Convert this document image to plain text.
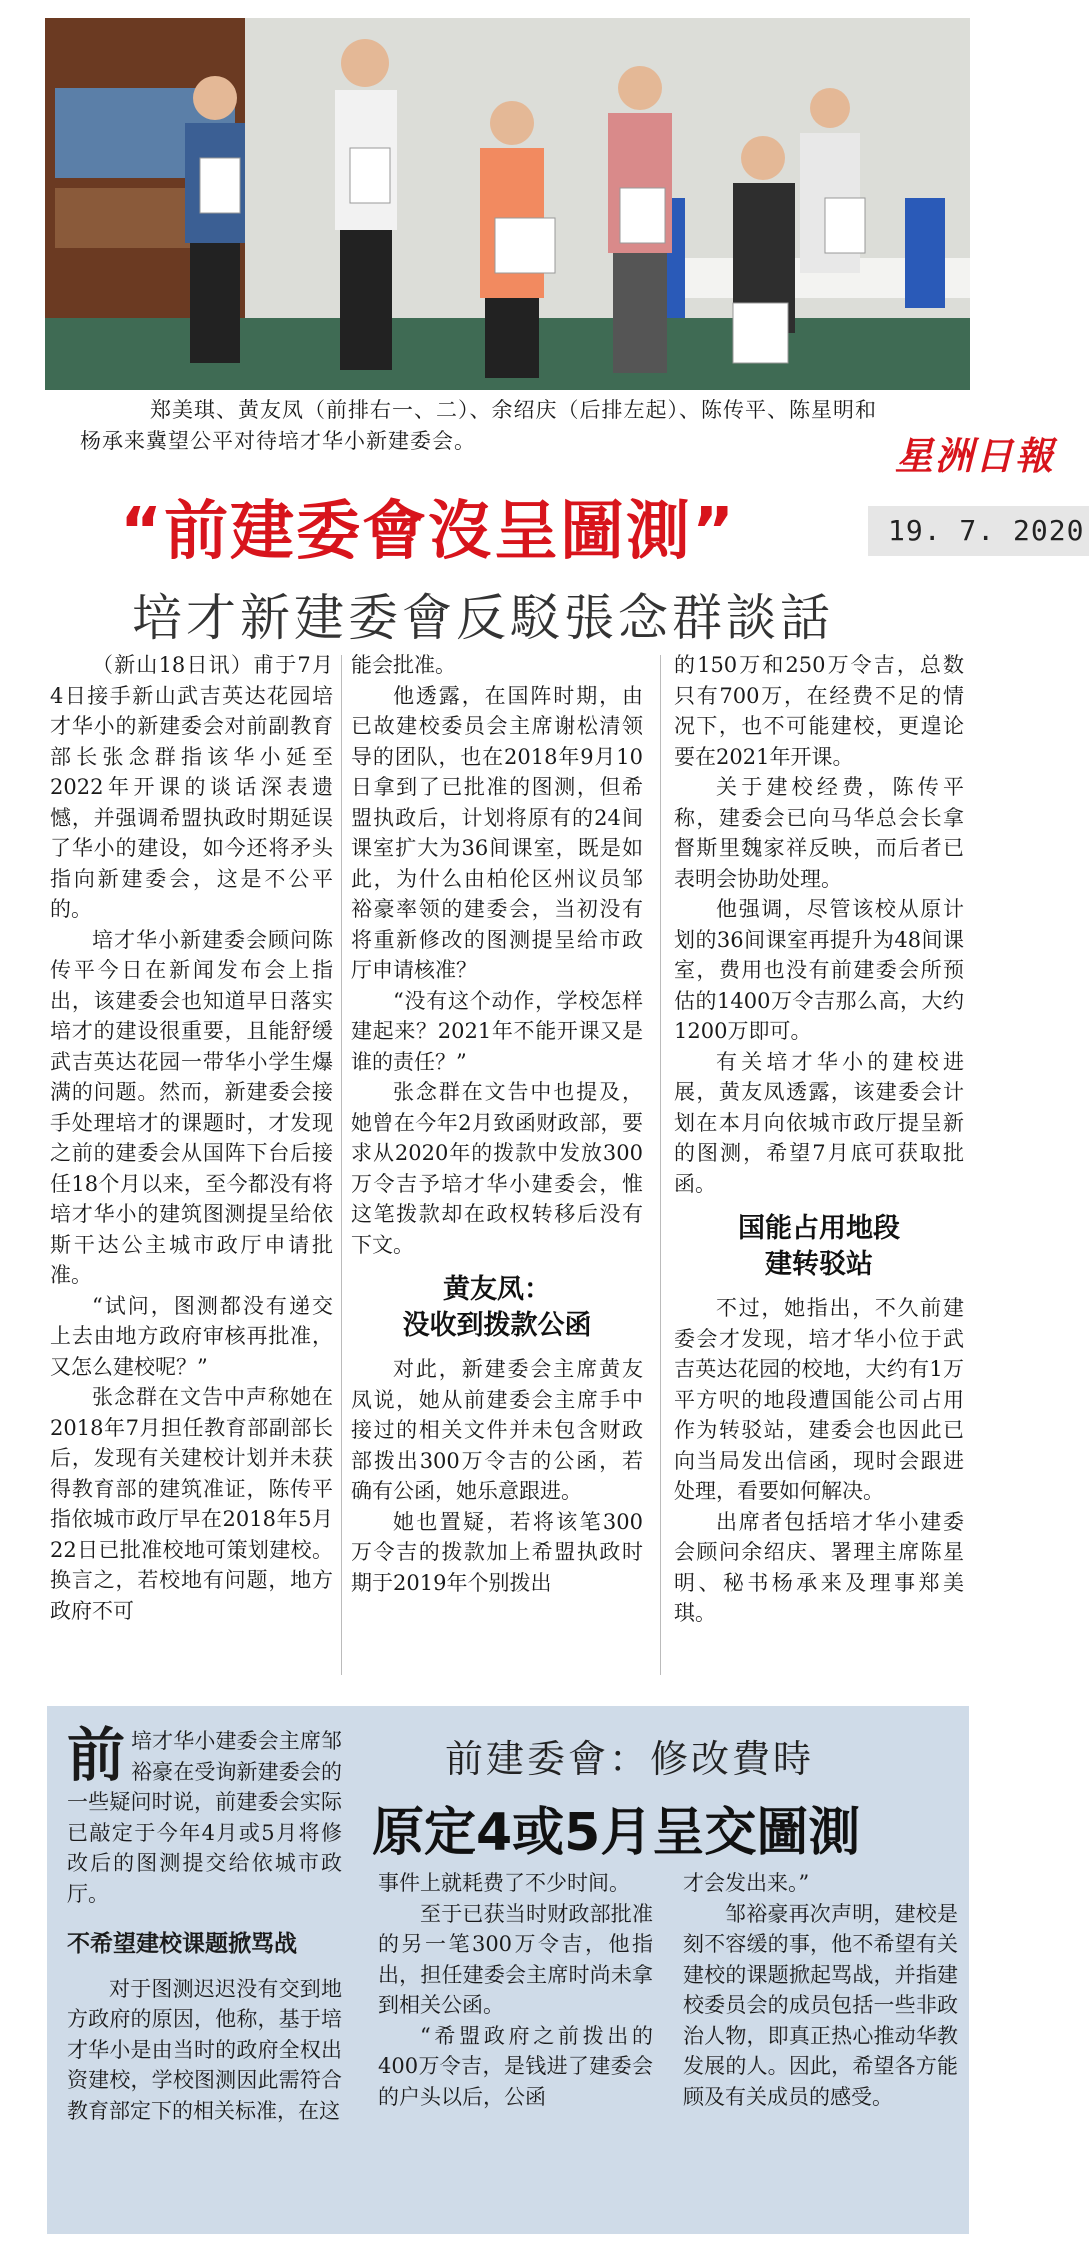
郑美琪、黄友凤（前排右一、二）、余绍庆（后排左起）、陈传平、陈星明和

杨承来冀望公平对待培才华小新建委会。	星洲日報
“前建委會沒呈圖測”	19. 7. 2020
培才新建委會反駁張念群談話

（新山18日讯）甫于7月4日接手新山武吉英达花园培才华小的新建委会对前副教育部长张念群指该华小延至2022年开课的谈话深表遗憾，并强调希盟执政时期延误了华小的建设，如今还将矛头指向新建委会，这是不公平的。

培才华小新建委会顾问陈传平今日在新闻发布会上指出，该建委会也知道早日落实培才的建设很重要，且能舒缓武吉英达花园一带华小学生爆满的问题。然而，新建委会接手处理培才的课题时，才发现之前的建委会从国阵下台后接任18个月以来，至今都没有将培才华小的建筑图测提呈给依斯干达公主城市政厅申请批准。

“试问，图测都没有递交上去由地方政府审核再批准，又怎么建校呢？”

张念群在文告中声称她在2018年7月担任教育部副部长后，发现有关建校计划并未获得教育部的建筑准证，陈传平指依城市政厅早在2018年5月22日已批准校地可策划建校。换言之，若校地有问题，地方政府不可

能会批准。

他透露，在国阵时期，由已故建校委员会主席谢松清领导的团队，也在2018年9月10日拿到了已批准的图测，但希盟执政后，计划将原有的24间课室扩大为36间课室，既是如此，为什么由柏伦区州议员邹裕豪率领的建委会，当初没有将重新修改的图测提呈给市政厅申请核准？

“没有这个动作，学校怎样建起来？2021年不能开课又是谁的责任？”

张念群在文告中也提及，她曾在今年2月致函财政部，要求从2020年的拨款中发放300万令吉予培才华小建委会，惟这笔拨款却在政权转移后没有下文。

黄友凤：
没收到拨款公函

对此，新建委会主席黄友凤说，她从前建委会主席手中接过的相关文件并未包含财政部拨出300万令吉的公函，若确有公函，她乐意跟进。

她也置疑，若将该笔300万令吉的拨款加上希盟执政时期于2019年个别拨出

的150万和250万令吉，总数只有700万，在经费不足的情况下，也不可能建校，更遑论要在2021年开课。

关于建校经费，陈传平称，建委会已向马华总会长拿督斯里魏家祥反映，而后者已表明会协助处理。

他强调，尽管该校从原计划的36间课室再提升为48间课室，费用也没有前建委会所预估的1400万令吉那么高，大约1200万即可。

有关培才华小的建校进展，黄友凤透露，该建委会计划在本月向依城市政厅提呈新的图测，希望7月底可获取批函。

国能占用地段
建转驳站

不过，她指出，不久前建委会才发现，培才华小位于武吉英达花园的校地，大约有1万平方呎的地段遭国能公司占用作为转驳站，建委会也因此已向当局发出信函，现时会跟进处理，看要如何解决。

出席者包括培才华小建委会顾问余绍庆、署理主席陈星明、秘书杨承来及理事郑美琪。

前培才华小建委会主席邹裕豪在受询新建委会的一些疑问时说，前建委会实际已敲定于今年4月或5月将修改后的图测提交给依城市政厅。

不希望建校课题掀骂战

对于图测迟迟没有交到地方政府的原因，他称，基于培才华小是由当时的政府全权出资建校，学校图测因此需符合教育部定下的相关标准，在这

前建委會：修改費時
原定4或5月呈交圖測

事件上就耗费了不少时间。

至于已获当时财政部批准的另一笔300万令吉，他指出，担任建委会主席时尚未拿到相关公函。

“希盟政府之前拨出的400万令吉，是钱进了建委会的户头以后，公函

才会发出来。”

邹裕豪再次声明，建校是刻不容缓的事，他不希望有关建校的课题掀起骂战，并指建校委员会的成员包括一些非政治人物，即真正热心推动华教发展的人。因此，希望各方能顾及有关成员的感受。
